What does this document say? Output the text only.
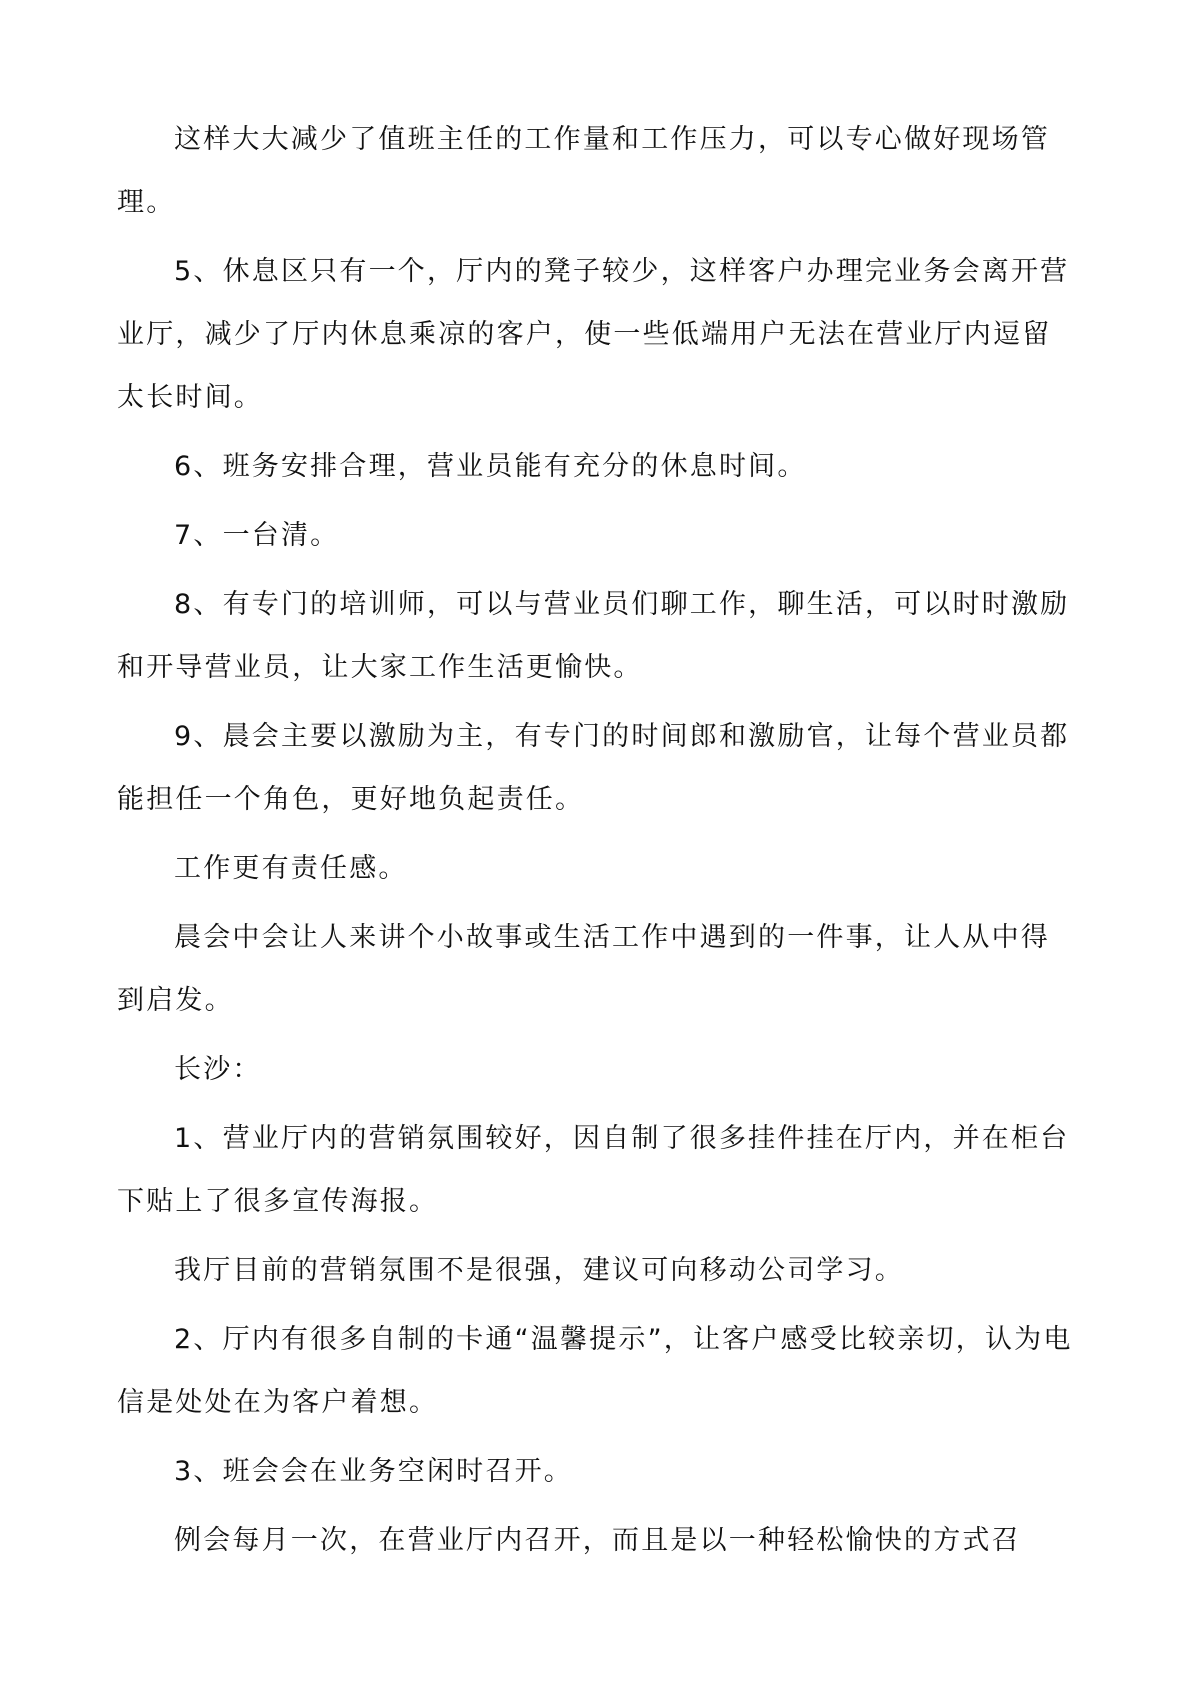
这样大大减少了值班主任的工作量和工作压力，可以专心做好现场管理。

5、休息区只有一个，厅内的凳子较少，这样客户办理完业务会离开营业厅，减少了厅内休息乘凉的客户，使一些低端用户无法在营业厅内逗留太长时间。

6、班务安排合理，营业员能有充分的休息时间。

7、一台清。

8、有专门的培训师，可以与营业员们聊工作，聊生活，可以时时激励和开导营业员，让大家工作生活更愉快。

9、晨会主要以激励为主，有专门的时间郎和激励官，让每个营业员都能担任一个角色，更好地负起责任。

工作更有责任感。

晨会中会让人来讲个小故事或生活工作中遇到的一件事，让人从中得到启发。

长沙：

1、营业厅内的营销氛围较好，因自制了很多挂件挂在厅内，并在柜台下贴上了很多宣传海报。

我厅目前的营销氛围不是很强，建议可向移动公司学习。

2、厅内有很多自制的卡通“温馨提示”，让客户感受比较亲切，认为电信是处处在为客户着想。

3、班会会在业务空闲时召开。

例会每月一次，在营业厅内召开，而且是以一种轻松愉快的方式召
